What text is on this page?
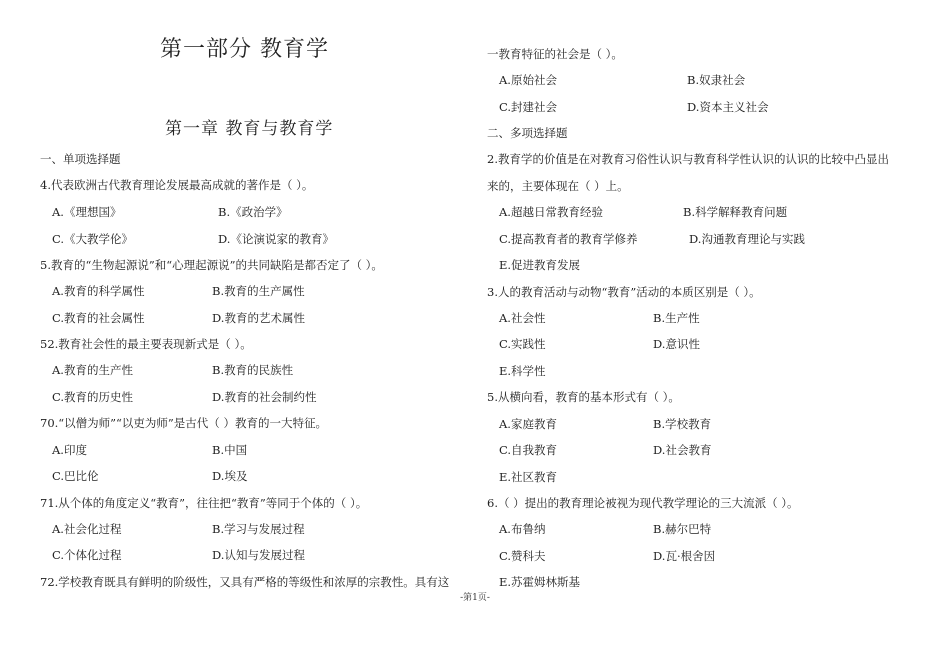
第一部分 教育学
第一章 教育与教育学
一、单项选择题
4.代表欧洲古代教育理论发展最高成就的著作是（ ）。
A.《理想国》	B.《政治学》
C.《大教学伦》	D.《论演说家的教育》
5.教育的“生物起源说”和“心理起源说”的共同缺陷是都否定了（ ）。
A.教育的科学属性	B.教育的生产属性
C.教育的社会属性	D.教育的艺术属性
52.教育社会性的最主要表现新式是（ ）。
A.教育的生产性	B.教育的民族性
C.教育的历史性	D.教育的社会制约性
70.“以僧为师”“以吏为师”是古代（ ）教育的一大特征。
A.印度	B.中国
C.巴比伦	D.埃及
71.从个体的角度定义“教育”，往往把“教育”等同于个体的（ ）。
A.社会化过程	B.学习与发展过程
C.个体化过程	D.认知与发展过程
72.学校教育既具有鲜明的阶级性，又具有严格的等级性和浓厚的宗教性。具有这
一教育特征的社会是（ ）。
A.原始社会	B.奴隶社会
C.封建社会	D.资本主义社会
二、多项选择题
2.教育学的价值是在对教育习俗性认识与教育科学性认识的认识的比较中凸显出
来的，主要体现在（ ）上。
A.超越日常教育经验	B.科学解释教育问题
C.提高教育者的教育学修养	D.沟通教育理论与实践
E.促进教育发展
3.人的教育活动与动物“教育”活动的本质区别是（ ）。
A.社会性	B.生产性
C.实践性	D.意识性
E.科学性
5.从横向看，教育的基本形式有（ ）。
A.家庭教育	B.学校教育
C.自我教育	D.社会教育
E.社区教育
6.（ ）提出的教育理论被视为现代教学理论的三大流派（ ）。
A.布鲁纳	B.赫尔巴特
C.赞科夫	D.瓦·根舍因
E.苏霍姆林斯基
-第1页-
